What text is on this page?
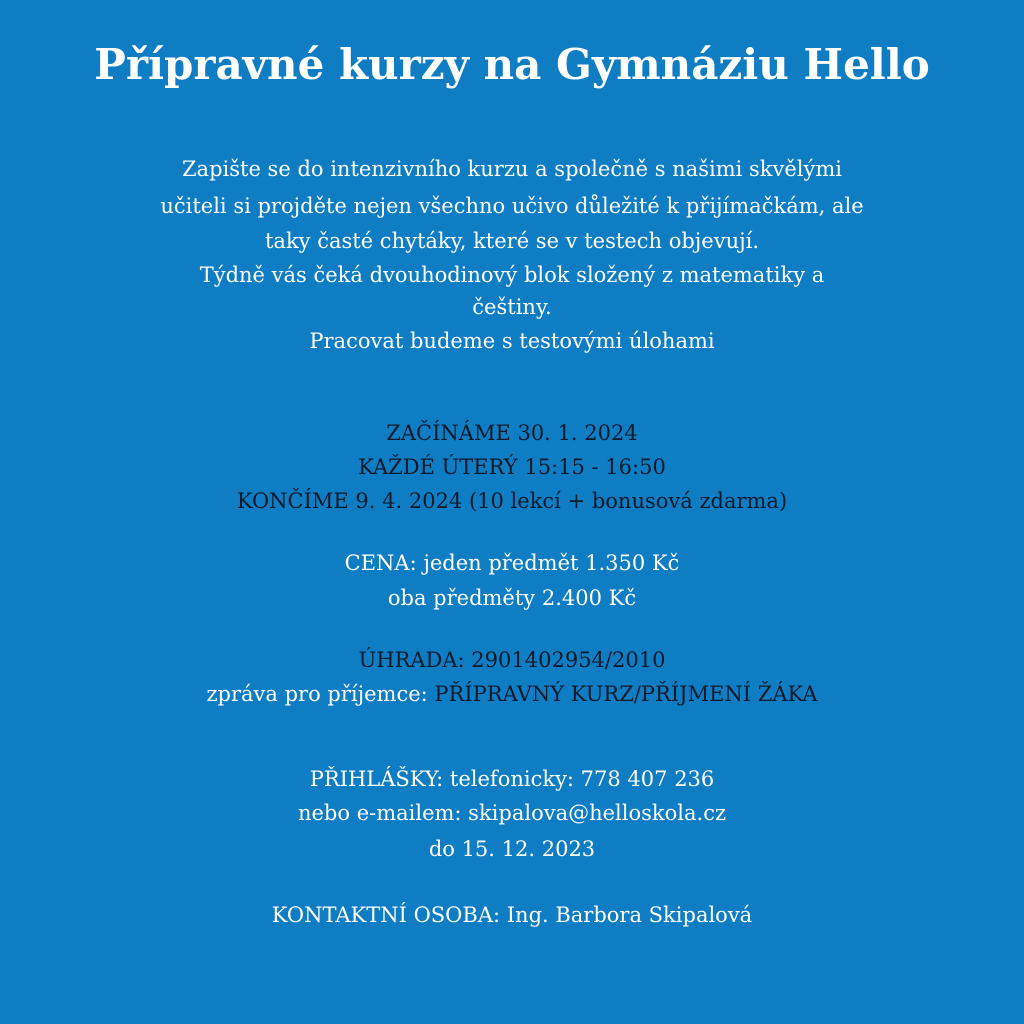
Přípravné kurzy na Gymnáziu Hello
Zapište se do intenzivního kurzu a společně s našimi skvělými
učiteli si projděte nejen všechno učivo důležité k přijímačkám, ale
taky časté chytáky, které se v testech objevují.
Týdně vás čeká dvouhodinový blok složený z matematiky a
češtiny.
Pracovat budeme s testovými úlohami
ZAČÍNÁME 30. 1. 2024
KAŽDÉ ÚTERÝ 15:15 - 16:50
KONČÍME 9. 4. 2024 (10 lekcí + bonusová zdarma)
CENA: jeden předmět 1.350 Kč
oba předměty 2.400 Kč
ÚHRADA: 2901402954/2010
zpráva pro příjemce: PŘÍPRAVNÝ KURZ/PŘÍJMENÍ ŽÁKA
PŘIHLÁŠKY: telefonicky: 778 407 236
nebo e-mailem: skipalova@helloskola.cz
do 15. 12. 2023
KONTAKTNÍ OSOBA: Ing. Barbora Skipalová
